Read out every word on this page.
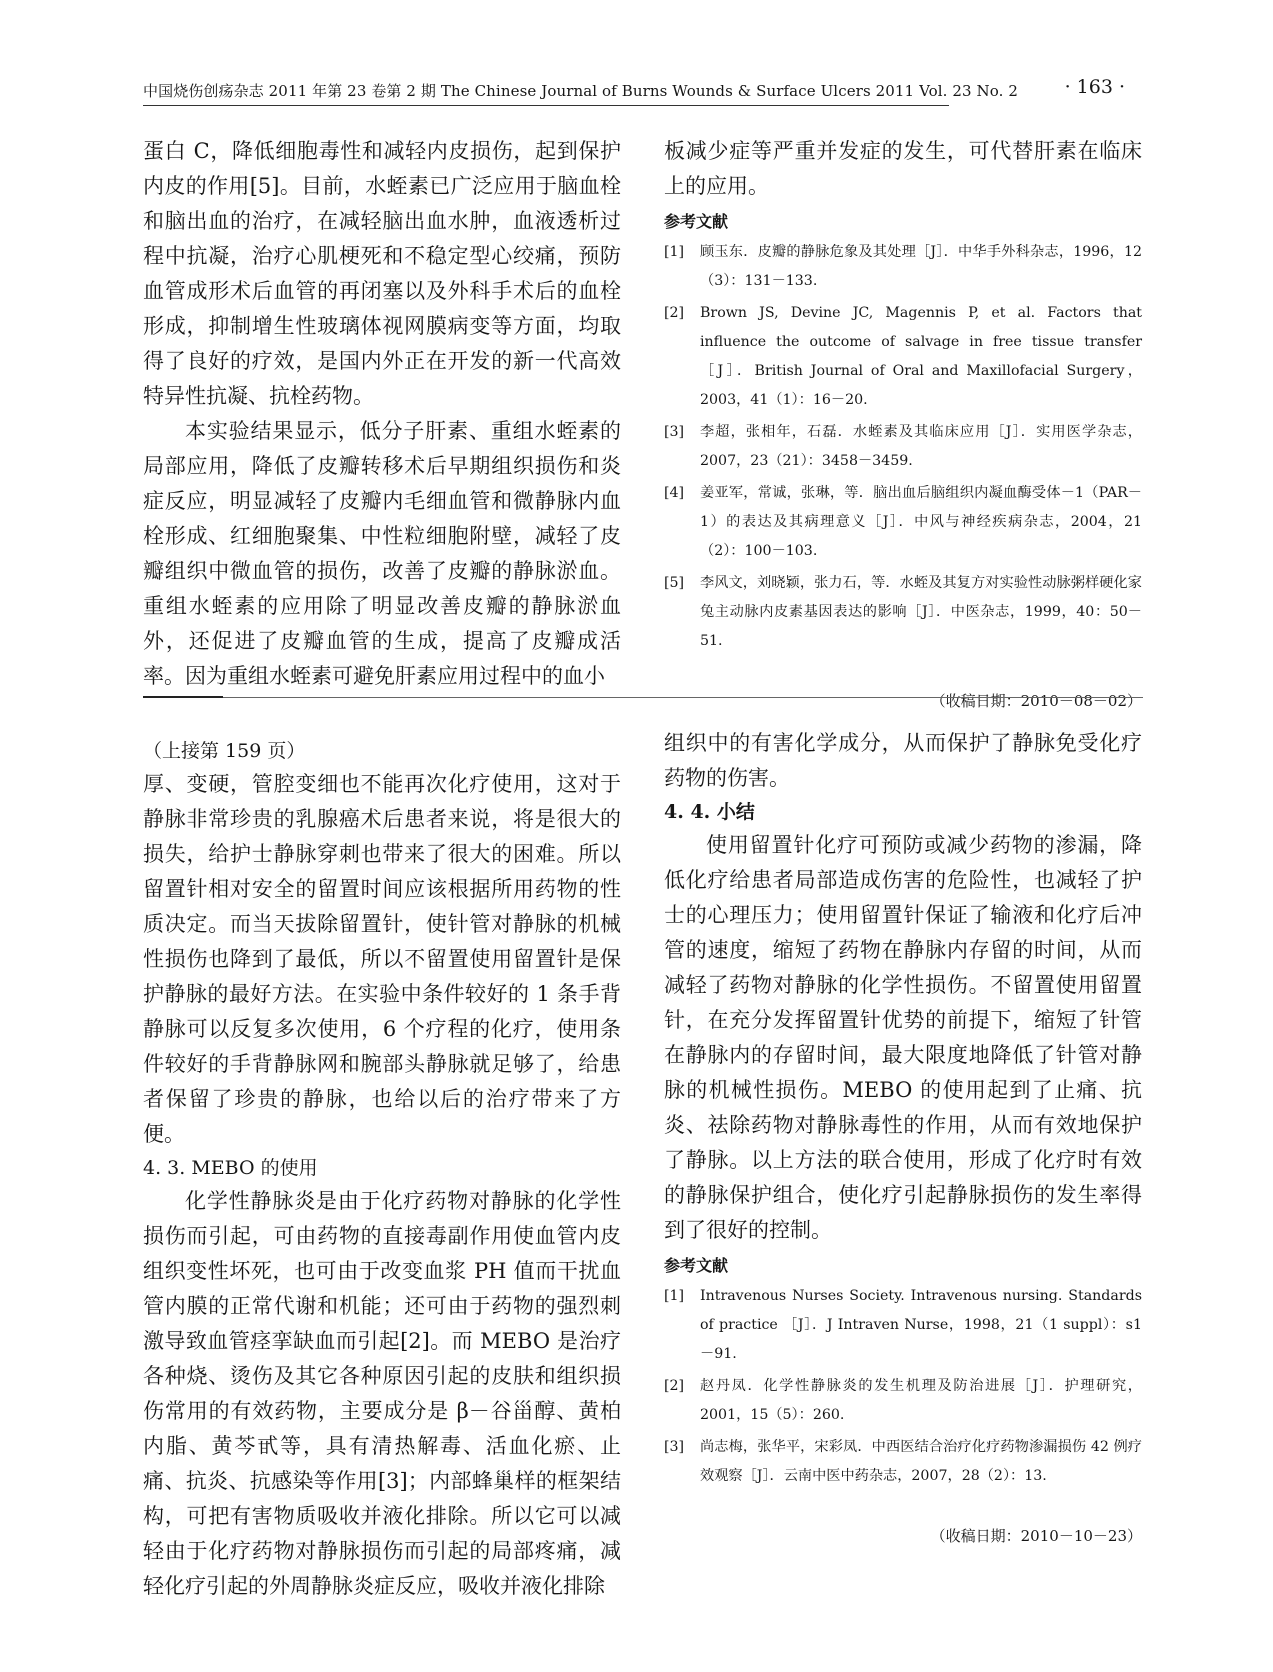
中国烧伤创疡杂志 2011 年第 23 卷第 2 期 The Chinese Journal of Burns Wounds & Surface Ulcers 2011 Vol. 23 No. 2 · 163 ·

蛋白 C，降低细胞毒性和减轻内皮损伤，起到保护内皮的作用[5]。目前，水蛭素已广泛应用于脑血栓和脑出血的治疗，在减轻脑出血水肿，血液透析过程中抗凝，治疗心肌梗死和不稳定型心绞痛，预防血管成形术后血管的再闭塞以及外科手术后的血栓形成，抑制增生性玻璃体视网膜病变等方面，均取得了良好的疗效，是国内外正在开发的新一代高效特异性抗凝、抗栓药物。

本实验结果显示，低分子肝素、重组水蛭素的局部应用，降低了皮瓣转移术后早期组织损伤和炎症反应，明显减轻了皮瓣内毛细血管和微静脉内血栓形成、红细胞聚集、中性粒细胞附壁，减轻了皮瓣组织中微血管的损伤，改善了皮瓣的静脉淤血。重组水蛭素的应用除了明显改善皮瓣的静脉淤血外，还促进了皮瓣血管的生成，提高了皮瓣成活率。因为重组水蛭素可避免肝素应用过程中的血小

板减少症等严重并发症的发生，可代替肝素在临床上的应用。

参考文献
[1]	顾玉东．皮瓣的静脉危象及其处理［J］．中华手外科杂志，1996，12（3）：131－133.
[2]	Brown JS, Devine JC, Magennis P, et al. Factors that influence the outcome of salvage in free tissue transfer ［J］．British Journal of Oral and Maxillofacial Surgery，2003，41（1）：16－20.
[3]	李超，张相年，石磊．水蛭素及其临床应用［J］．实用医学杂志，2007，23（21）：3458－3459.
[4]	姜亚军，常诚，张琳，等．脑出血后脑组织内凝血酶受体－1（PAR－1）的表达及其病理意义［J］．中风与神经疾病杂志，2004，21（2）：100－103.
[5]	李风文，刘晓颖，张力石，等．水蛭及其复方对实验性动脉粥样硬化家兔主动脉内皮素基因表达的影响［J］．中医杂志，1999，40：50－51.
（收稿日期：2010－08－02）
（上接第 159 页）

厚、变硬，管腔变细也不能再次化疗使用，这对于静脉非常珍贵的乳腺癌术后患者来说，将是很大的损失，给护士静脉穿刺也带来了很大的困难。所以留置针相对安全的留置时间应该根据所用药物的性质决定。而当天拔除留置针，使针管对静脉的机械性损伤也降到了最低，所以不留置使用留置针是保护静脉的最好方法。在实验中条件较好的 1 条手背静脉可以反复多次使用，6 个疗程的化疗，使用条件较好的手背静脉网和腕部头静脉就足够了，给患者保留了珍贵的静脉，也给以后的治疗带来了方便。

4. 3. MEBO 的使用

化学性静脉炎是由于化疗药物对静脉的化学性损伤而引起，可由药物的直接毒副作用使血管内皮组织变性坏死，也可由于改变血浆 PH 值而干扰血管内膜的正常代谢和机能；还可由于药物的强烈刺激导致血管痉挛缺血而引起[2]。而 MEBO 是治疗各种烧、烫伤及其它各种原因引起的皮肤和组织损伤常用的有效药物，主要成分是 β－谷甾醇、黄柏内脂、黄芩甙等，具有清热解毒、活血化瘀、止痛、抗炎、抗感染等作用[3]；内部蜂巢样的框架结构，可把有害物质吸收并液化排除。所以它可以减轻由于化疗药物对静脉损伤而引起的局部疼痛，减轻化疗引起的外周静脉炎症反应，吸收并液化排除

组织中的有害化学成分，从而保护了静脉免受化疗药物的伤害。

4. 4. 小结

使用留置针化疗可预防或减少药物的渗漏，降低化疗给患者局部造成伤害的危险性，也减轻了护士的心理压力；使用留置针保证了输液和化疗后冲管的速度，缩短了药物在静脉内存留的时间，从而减轻了药物对静脉的化学性损伤。不留置使用留置针，在充分发挥留置针优势的前提下，缩短了针管在静脉内的存留时间，最大限度地降低了针管对静脉的机械性损伤。MEBO 的使用起到了止痛、抗炎、祛除药物对静脉毒性的作用，从而有效地保护了静脉。以上方法的联合使用，形成了化疗时有效的静脉保护组合，使化疗引起静脉损伤的发生率得到了很好的控制。

参考文献
[1]	Intravenous Nurses Society. Intravenous nursing. Standards of practice ［J］．J Intraven Nurse，1998，21（1 suppl）：s1－91.
[2]	赵丹凤．化学性静脉炎的发生机理及防治进展［J］．护理研究，2001，15（5）：260.
[3]	尚志梅，张华平，宋彩凤．中西医结合治疗化疗药物渗漏损伤 42 例疗效观察［J］．云南中医中药杂志，2007，28（2）：13.
（收稿日期：2010－10－23）
